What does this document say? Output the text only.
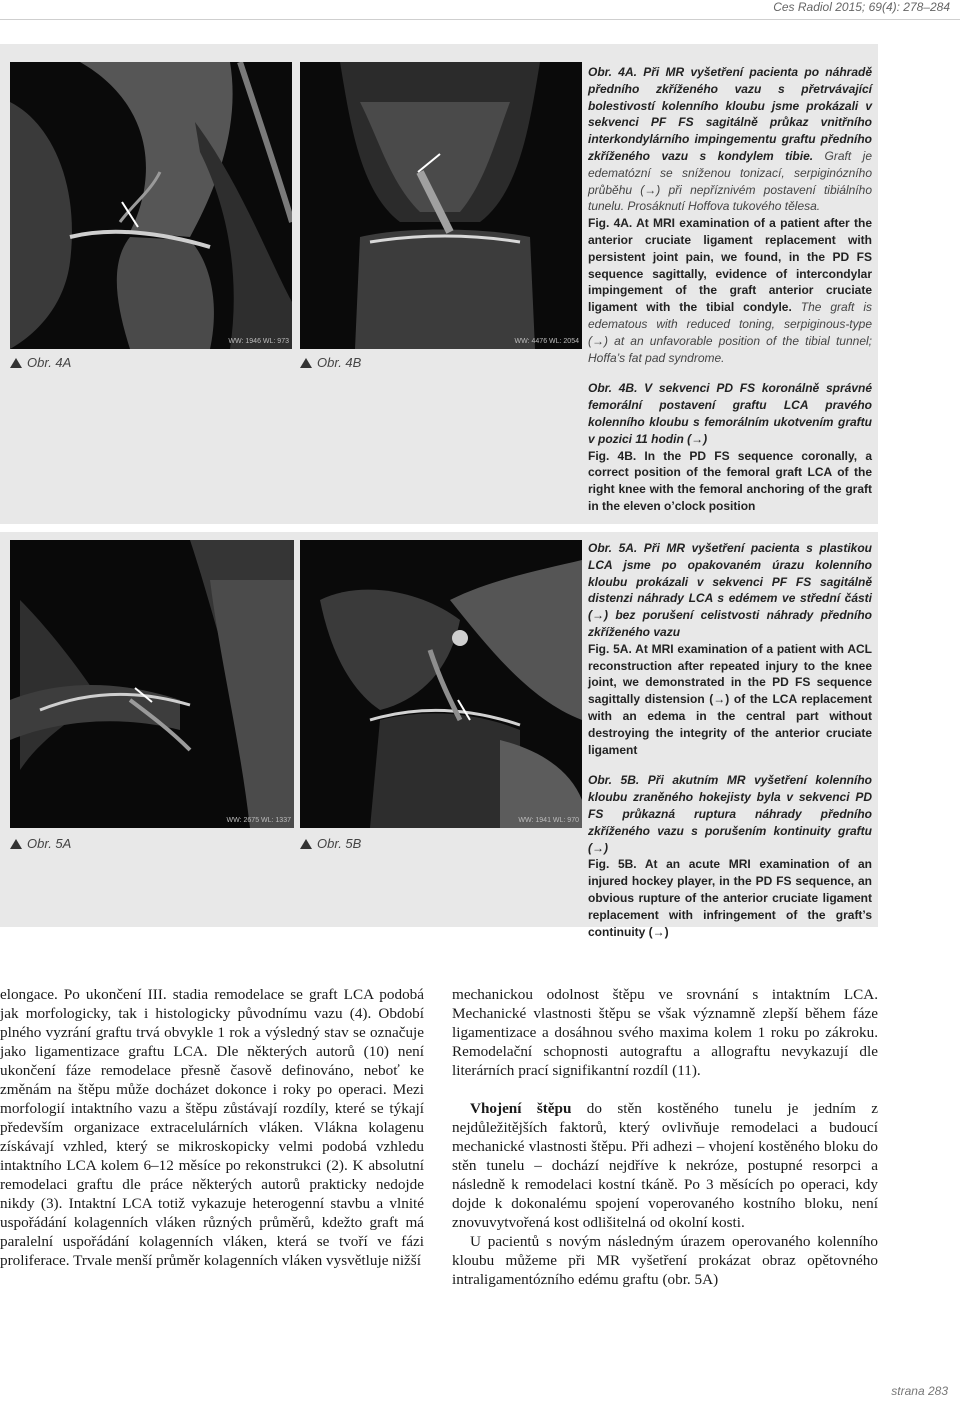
Ces Radiol 2015; 69(4): 278–284
WW: 1946 WL: 973	WW: 4476 WL: 2054
Obr. 4A	Obr. 4B

Obr. 4A. Při MR vyšetření pacienta po náhradě předního zkříženého vazu s přetrvávající bolestivostí kolenního kloubu jsme prokázali v sekvenci PF FS sagitálně průkaz vnitřního interkondylárního impingementu graftu předního zkříženého vazu s kondylem tibie. Graft je edematózní se sníženou tonizací, serpiginózního průběhu (→) při nepříznivém postavení tibiálního tunelu. Prosáknutí Hoffova tukového tělesa.

Fig. 4A. At MRI examination of a patient after the anterior cruciate ligament replacement with persistent joint pain, we found, in the PD FS sequence sagittally, evidence of intercondylar impingement of the graft anterior cruciate ligament with the tibial condyle. The graft is edematous with reduced toning, serpiginous-type (→) at an unfavorable position of the tibial tunnel; Hoffa’s fat pad syndrome.

Obr. 4B. V sekvenci PD FS koronálně správné femorální postavení graftu LCA pravého kolenního kloubu s femorálním ukotvením graftu v pozici 11 hodin (→)

Fig. 4B. In the PD FS sequence coronally, a correct position of the femoral graft LCA of the right knee with the femoral anchoring of the graft in the eleven o’clock position

WW: 2675 WL: 1337	WW: 1941 WL: 970
Obr. 5A	Obr. 5B

Obr. 5A. Při MR vyšetření pacienta s plastikou LCA jsme po opakovaném úrazu kolenního kloubu prokázali v sekvenci PF FS sagitálně distenzi náhrady LCA s edémem ve střední části (→) bez porušení celistvosti náhrady předního zkříženého vazu

Fig. 5A. At MRI examination of a patient with ACL reconstruction after repeated injury to the knee joint, we demonstrated in the PD FS sequence sagittally distension (→) of the LCA replacement with an edema in the central part without destroying the integrity of the anterior cruciate ligament

Obr. 5B. Při akutním MR vyšetření kolenního kloubu zraněného hokejisty byla v sekvenci PD FS průkazná ruptura náhrady předního zkříženého vazu s porušením kontinuity graftu (→)

Fig. 5B. At an acute MRI examination of an injured hockey player, in the PD FS sequence, an obvious rupture of the anterior cruciate ligament replacement with infringement of the graft’s continuity (→)

elongace. Po ukončení III. stadia remodelace se graft LCA podobá jak morfologicky, tak i histologicky původnímu vazu (4). Období plného vyzrání graftu trvá obvykle 1 rok a výsledný stav se označuje jako ligamentizace graftu LCA. Dle některých autorů (10) není ukončení fáze remodelace přesně časově definováno, neboť ke změnám na štěpu může docházet dokonce i roky po operaci. Mezi morfologií intaktního vazu a štěpu zůstávají rozdíly, které se týkají především organizace extracelulárních vláken. Vlákna kolagenu získávají vzhled, který se mikroskopicky velmi podobá vzhledu intaktního LCA kolem 6–12 měsíce po rekonstrukci (2). K absolutní remodelaci graftu dle práce některých autorů prakticky nedojde nikdy (3). Intaktní LCA totiž vykazuje heterogenní stavbu a vlnité uspořádání kolagenních vláken různých průměrů, kdežto graft má paralelní uspořádání kolagenních vláken, která se tvoří ve fázi proliferace. Trvale menší průměr kolagenních vláken vysvětluje nižší

mechanickou odolnost štěpu ve srovnání s intaktním LCA. Mechanické vlastnosti štěpu se však významně zlepší během fáze ligamentizace a dosáhnou svého maxima kolem 1 roku po zákroku. Remodelační schopnosti autograftu a allograftu nevykazují dle literárních prací signifikantní rozdíl (11).

Vhojení štěpu do stěn kostěného tunelu je jedním z nejdůležitějších faktorů, který ovlivňuje remodelaci a budoucí mechanické vlastnosti štěpu. Při adhezi – vhojení kostěného bloku do stěn tunelu – dochází nejdříve k nekróze, postupné resorpci a následně k remodelaci kostní tkáně. Po 3 měsících po operaci, kdy dojde k dokonalému spojení voperovaného kostního bloku, není znovuvytvořená kost odlišitelná od okolní kosti.

U pacientů s novým následným úrazem operovaného kolenního kloubu můžeme při MR vyšetření prokázat obraz opětovného intraligamentózního edému graftu (obr. 5A)

strana 283
